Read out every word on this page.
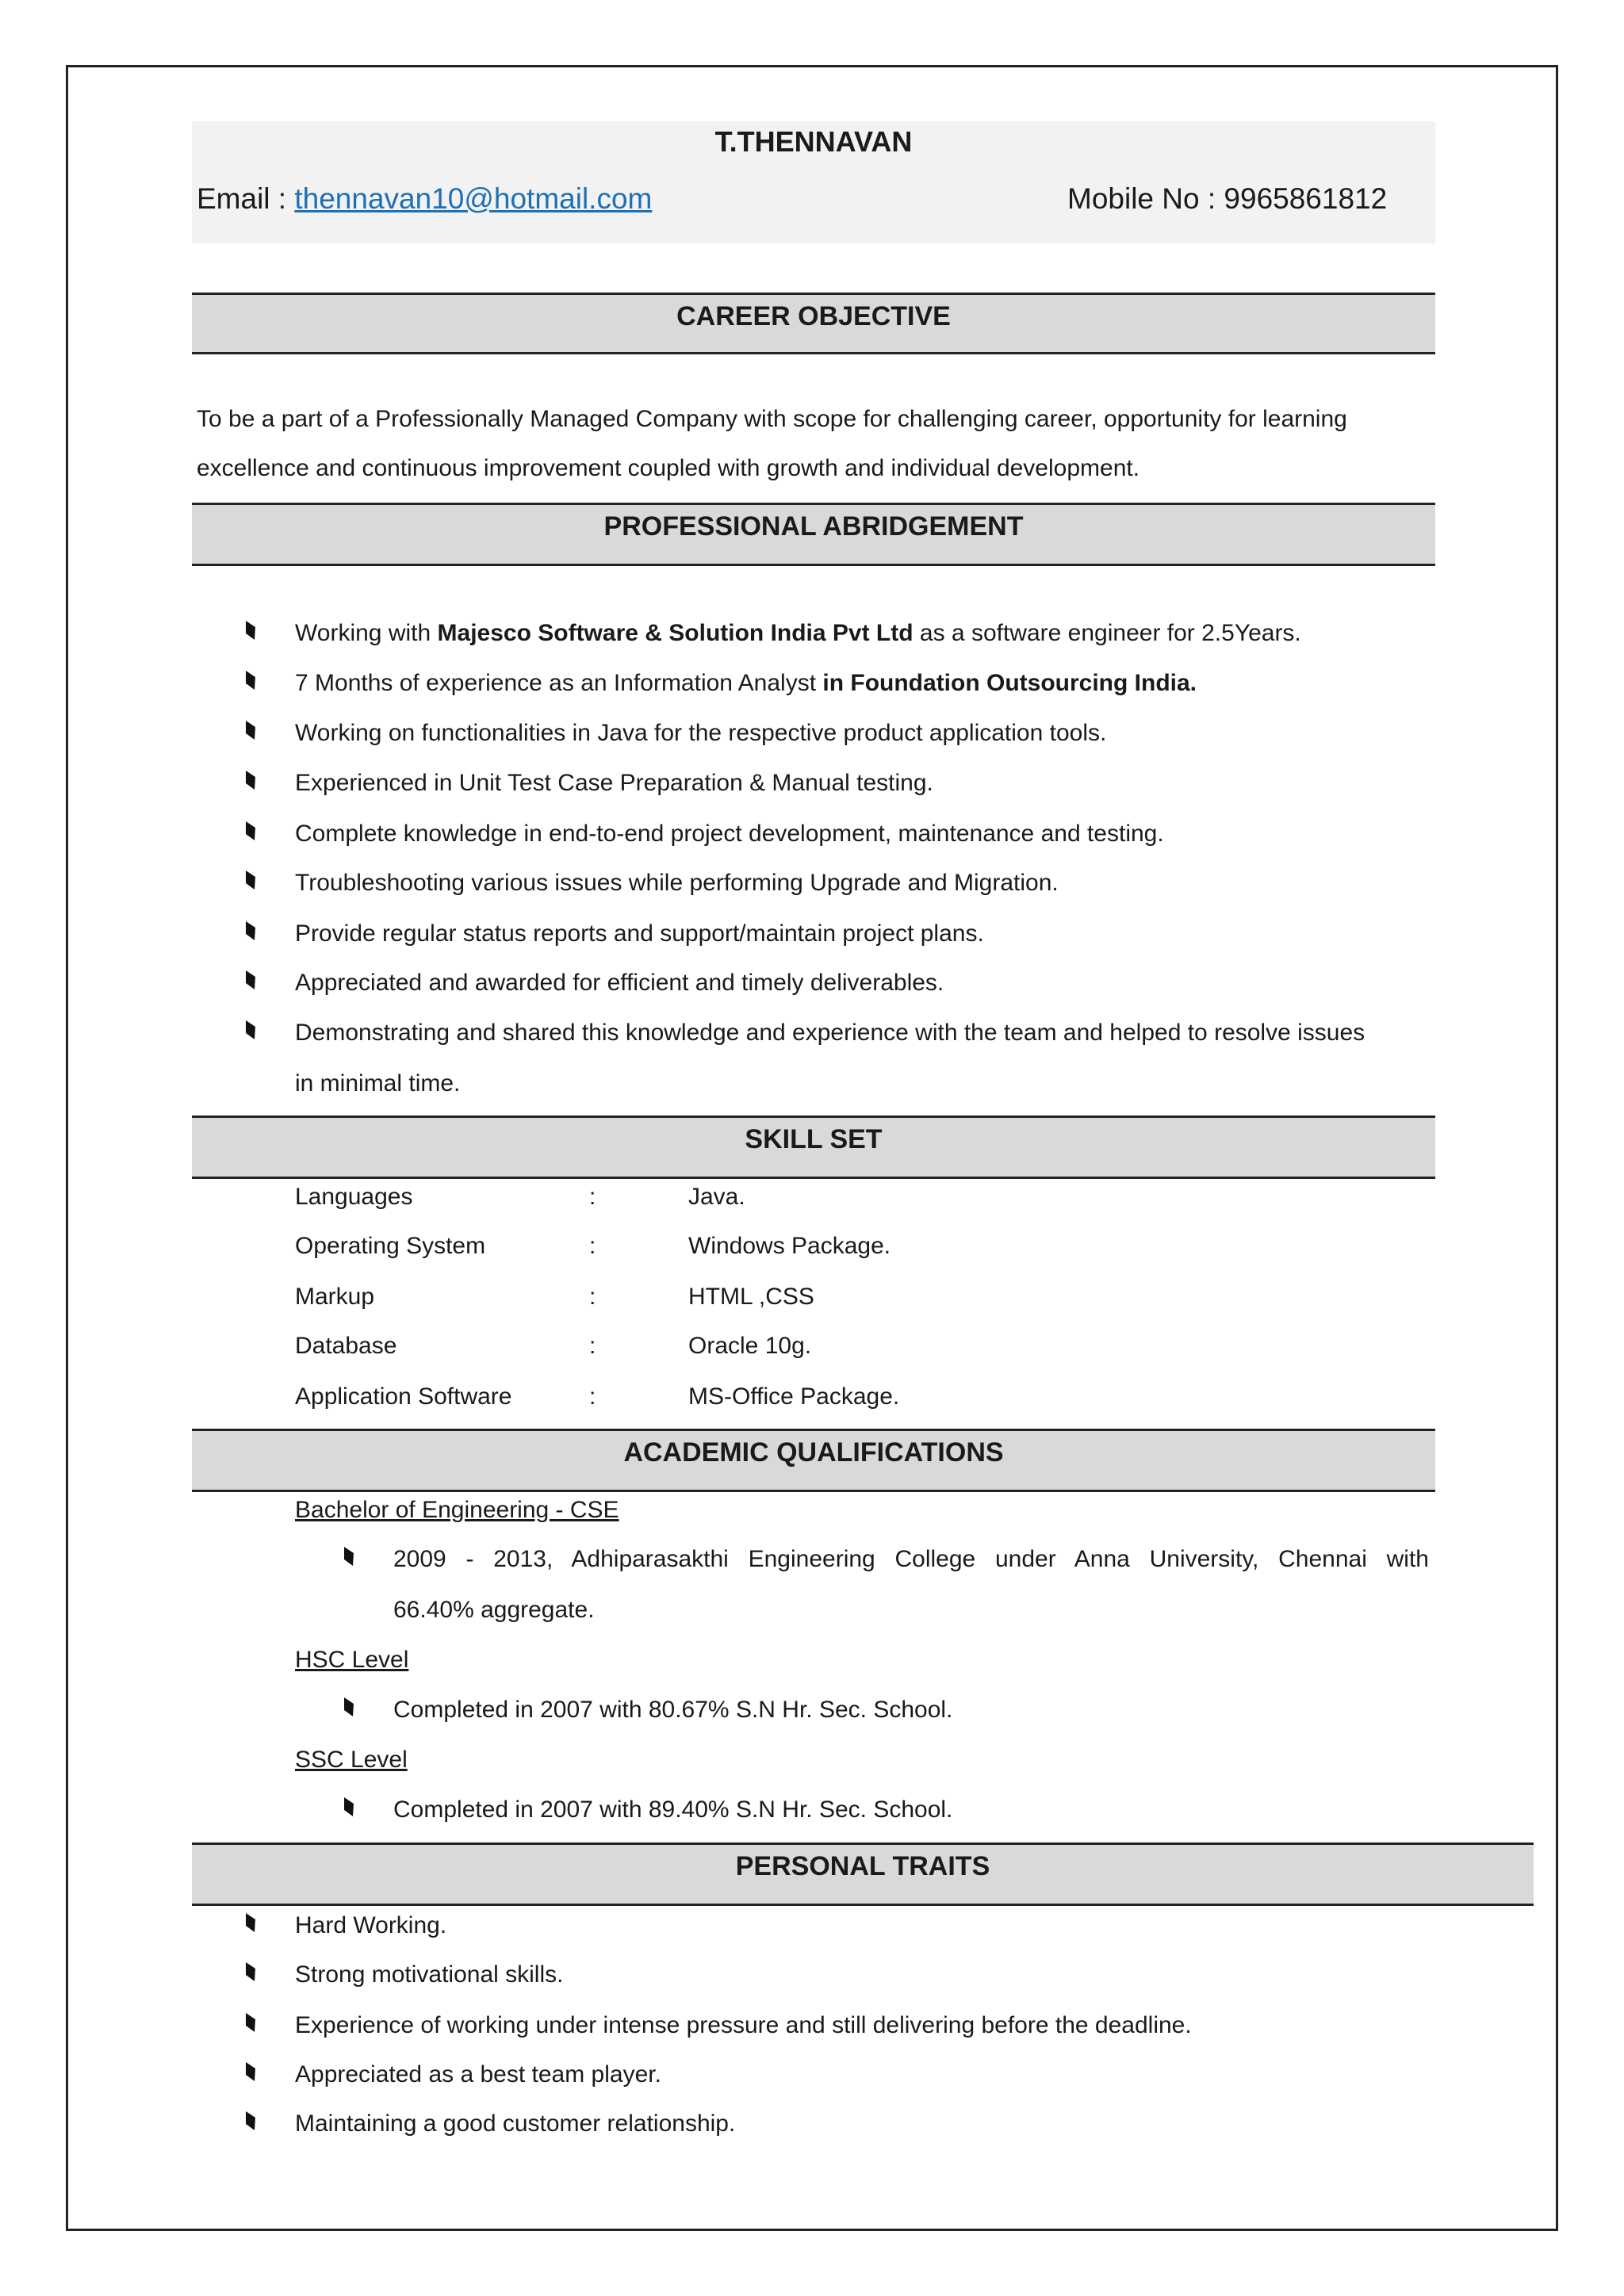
T.THENNAVAN
Email : thennavan10@hotmail.com	Mobile No : 9965861812
CAREER OBJECTIVE
To be a part of a Professionally Managed Company with scope for challenging career, opportunity for learning
excellence and continuous improvement coupled with growth and individual development.
PROFESSIONAL ABRIDGEMENT
Working with Majesco Software & Solution India Pvt Ltd as a software engineer for 2.5Years.
7 Months of experience as an Information Analyst in Foundation Outsourcing India.
Working on functionalities in Java for the respective product application tools.
Experienced in Unit Test Case Preparation & Manual testing.
Complete knowledge in end-to-end project development, maintenance and testing.
Troubleshooting various issues while performing Upgrade and Migration.
Provide regular status reports and support/maintain project plans.
Appreciated and awarded for efficient and timely deliverables.
Demonstrating and shared this knowledge and experience with the team and helped to resolve issues
in minimal time.
SKILL SET
Languages	:	Java.
Operating System	:	Windows Package.
Markup	:	HTML ,CSS
Database	:	Oracle 10g.
Application Software	:	MS-Office Package.
ACADEMIC QUALIFICATIONS
Bachelor of Engineering - CSE
2009 - 2013, Adhiparasakthi Engineering College under Anna University, Chennai with
66.40% aggregate.
HSC Level
Completed in 2007 with 80.67% S.N Hr. Sec. School.
SSC Level
Completed in 2007 with 89.40% S.N Hr. Sec. School.
PERSONAL TRAITS
Hard Working.
Strong motivational skills.
Experience of working under intense pressure and still delivering before the deadline.
Appreciated as a best team player.
Maintaining a good customer relationship.
